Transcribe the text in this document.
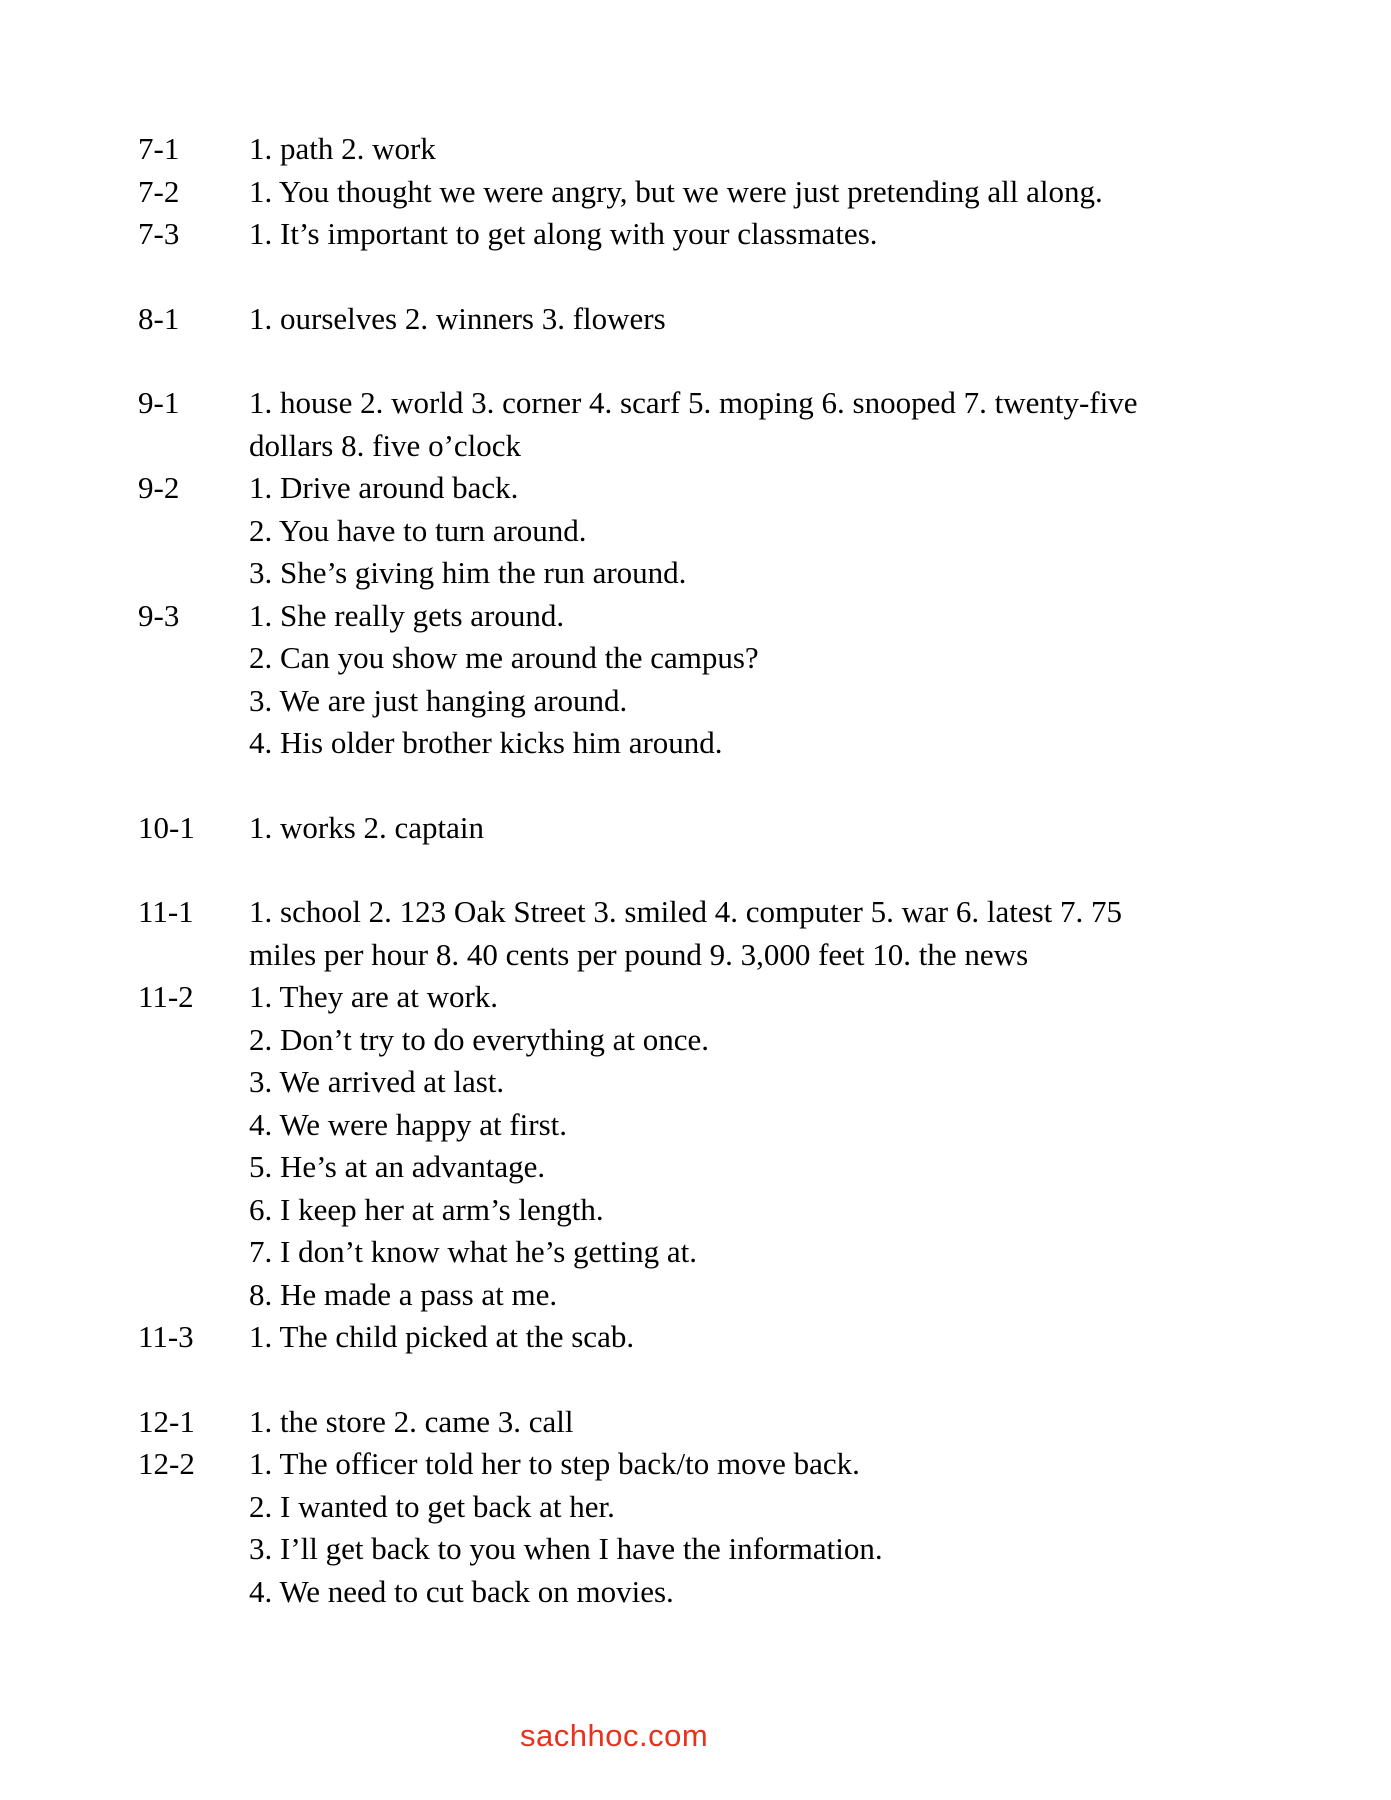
7-1	1. path 2. work
7-2	1. You thought we were angry, but we were just pretending all along.
7-3	1. It’s important to get along with your classmates.
8-1	1. ourselves 2. winners 3. flowers
9-1	1. house 2. world 3. corner 4. scarf 5. moping 6. snooped 7. twenty-five
dollars 8. five o’clock
9-2	1. Drive around back.
2. You have to turn around.
3. She’s giving him the run around.
9-3	1. She really gets around.
2. Can you show me around the campus?
3. We are just hanging around.
4. His older brother kicks him around.
10-1	1. works 2. captain
11-1	1. school 2. 123 Oak Street 3. smiled 4. computer 5. war 6. latest 7. 75
miles per hour 8. 40 cents per pound 9. 3,000 feet 10. the news
11-2	1. They are at work.
2. Don’t try to do everything at once.
3. We arrived at last.
4. We were happy at first.
5. He’s at an advantage.
6. I keep her at arm’s length.
7. I don’t know what he’s getting at.
8. He made a pass at me.
11-3	1. The child picked at the scab.
12-1	1. the store 2. came 3. call
12-2	1. The officer told her to step back/to move back.
2. I wanted to get back at her.
3. I’ll get back to you when I have the information.
4. We need to cut back on movies.
sachhoc.com
